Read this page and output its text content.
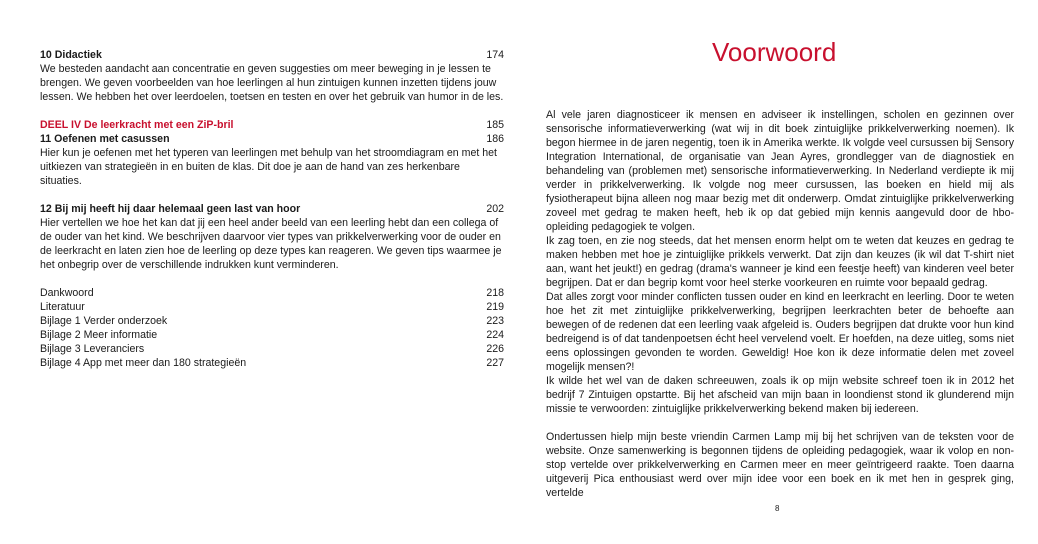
10 Didactiek	174

We besteden aandacht aan concentratie en geven suggesties om meer beweging in je lessen te brengen. We geven voorbeelden van hoe leerlingen al hun zintuigen kunnen inzetten tijdens jouw lessen. We hebben het over leerdoelen, toetsen en testen en over het gebruik van humor in de les.

DEEL IV De leerkracht met een ZiP-bril	185
11 Oefenen met casussen	186

Hier kun je oefenen met het typeren van leerlingen met behulp van het stroomdiagram en met het uitkiezen van strategieën in en buiten de klas. Dit doe je aan de hand van zes herkenbare situaties.

12 Bij mij heeft hij daar helemaal geen last van hoor	202

Hier vertellen we hoe het kan dat jij een heel ander beeld van een leerling hebt dan een collega of de ouder van het kind. We beschrijven daarvoor vier types van prikkelverwerking voor de ouder en de leerkracht en laten zien hoe de leerling op deze types kan reageren. We geven tips waarmee je het onbegrip over de verschillende indrukken kunt verminderen.

Dankwoord	218
Literatuur	219
Bijlage 1 Verder onderzoek	223
Bijlage 2 Meer informatie	224
Bijlage 3 Leveranciers	226
Bijlage 4 App met meer dan 180 strategieën	227
Voorwoord

Al vele jaren diagnosticeer ik mensen en adviseer ik instellingen, scholen en gezinnen over sensorische informatieverwerking (wat wij in dit boek zintuiglijke prikkelverwerking noemen). Ik begon hiermee in de jaren negentig, toen ik in Amerika werkte. Ik volgde veel cursussen bij Sensory Integration International, de organisatie van Jean Ayres, grondlegger van de diagnostiek en behandeling van (problemen met) sensorische informatieverwerking. In Nederland verdiepte ik mij verder in prikkelverwerking. Ik volgde nog meer cursussen, las boeken en hield mij als fysiotherapeut bijna alleen nog maar bezig met dit onderwerp. Omdat zintuiglijke prikkelverwerking zoveel met gedrag te maken heeft, heb ik op dat gebied mijn kennis aangevuld door de hbo-opleiding pedagogiek te volgen.

Ik zag toen, en zie nog steeds, dat het mensen enorm helpt om te weten dat keuzes en gedrag te maken hebben met hoe je zintuiglijke prikkels verwerkt. Dat zijn dan keuzes (ik wil dat T-shirt niet aan, want het jeukt!) en gedrag (drama's wanneer je kind een feestje heeft) van kinderen veel beter begrijpen. Dat er dan begrip komt voor heel sterke voorkeuren en ruimte voor bepaald gedrag.

Dat alles zorgt voor minder conflicten tussen ouder en kind en leerkracht en leerling. Door te weten hoe het zit met zintuiglijke prikkelverwerking, begrijpen leerkrachten beter de behoefte aan bewegen of de redenen dat een leerling vaak afgeleid is. Ouders begrijpen dat drukte voor hun kind bedreigend is of dat tandenpoetsen écht heel vervelend voelt. Er hoefden, na deze uitleg, soms niet eens oplossingen gevonden te worden. Geweldig! Hoe kon ik deze informatie delen met zoveel mogelijk mensen?!

Ik wilde het wel van de daken schreeuwen, zoals ik op mijn website schreef toen ik in 2012 het bedrijf 7 Zintuigen opstartte. Bij het afscheid van mijn baan in loondienst stond ik glunderend mijn missie te verwoorden: zintuiglijke prikkelverwerking bekend maken bij iedereen.

Ondertussen hielp mijn beste vriendin Carmen Lamp mij bij het schrijven van de teksten voor de website. Onze samenwerking is begonnen tijdens de opleiding pedagogiek, waar ik volop en non-stop vertelde over prikkelverwerking en Carmen meer en meer geïntrigeerd raakte. Toen daarna uitgeverij Pica enthousiast werd over mijn idee voor een boek en ik met hen in gesprek ging, vertelde

8
